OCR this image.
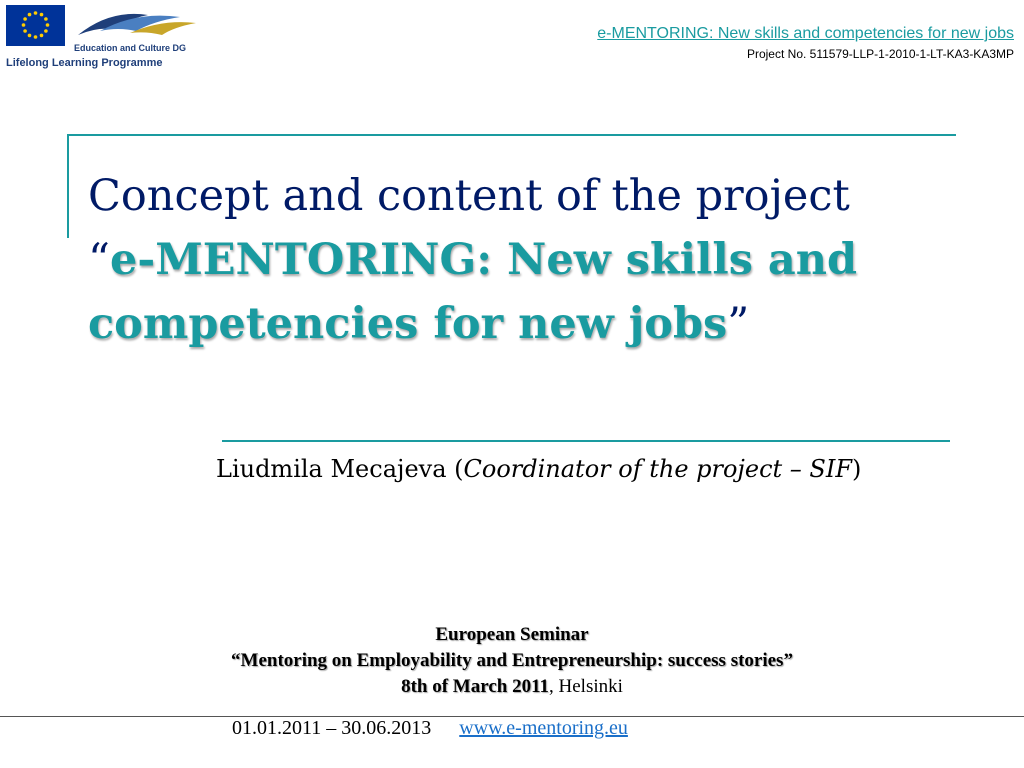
Education and Culture DG
Lifelong Learning Programme
e-MENTORING: New skills and competencies for new jobs
Project No. 511579-LLP-1-2010-1-LT-KA3-KA3MP
Concept and content of the project
“e-MENTORING: New skills and
competencies for new jobs”
Liudmila Mecajeva (Coordinator of the project – SIF)
European Seminar
“Mentoring on Employability and Entrepreneurship: success stories”
8th of March 2011, Helsinki
01.01.2011 – 30.06.2013 www.e-mentoring.eu
